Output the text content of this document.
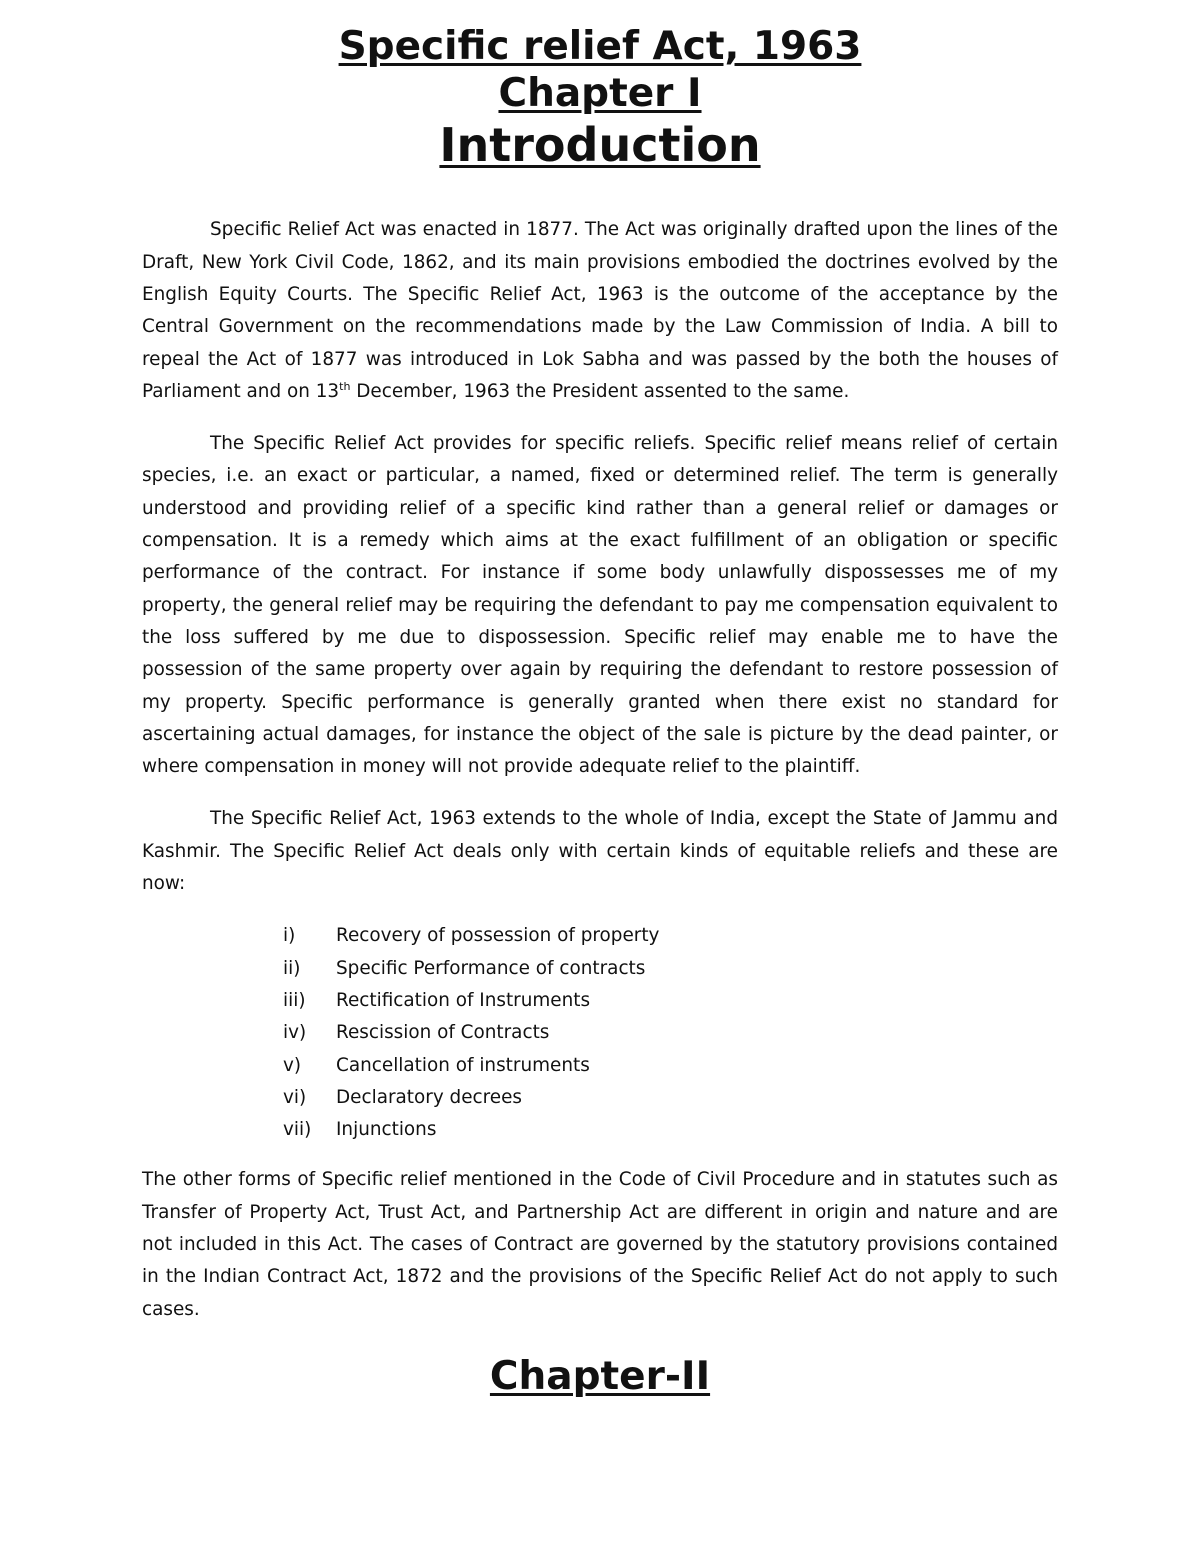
Specific relief Act, 1963
Chapter I
Introduction

Specific Relief Act was enacted in 1877. The Act was originally drafted upon the lines of the Draft, New York Civil Code, 1862, and its main provisions embodied the doctrines evolved by the English Equity Courts. The Specific Relief Act, 1963 is the outcome of the acceptance by the Central Government on the recommendations made by the Law Commission of India. A bill to repeal the Act of 1877 was introduced in Lok Sabha and was passed by the both the houses of Parliament and on 13th December, 1963 the President assented to the same.

The Specific Relief Act provides for specific reliefs. Specific relief means relief of certain species, i.e. an exact or particular, a named, fixed or determined relief. The term is generally understood and providing relief of a specific kind rather than a general relief or damages or compensation. It is a remedy which aims at the exact fulfillment of an obligation or specific performance of the contract. For instance if some body unlawfully dispossesses me of my property, the general relief may be requiring the defendant to pay me compensation equivalent to the loss suffered by me due to dispossession. Specific relief may enable me to have the possession of the same property over again by requiring the defendant to restore possession of my property. Specific performance is generally granted when there exist no standard for ascertaining actual damages, for instance the object of the sale is picture by the dead painter, or where compensation in money will not provide adequate relief to the plaintiff.

The Specific Relief Act, 1963 extends to the whole of India, except the State of Jammu and Kashmir. The Specific Relief Act deals only with certain kinds of equitable reliefs and these are now:

i)	Recovery of possession of property
ii)	Specific Performance of contracts
iii)	Rectification of Instruments
iv)	Rescission of Contracts
v)	Cancellation of instruments
vi)	Declaratory decrees
vii)	Injunctions

The other forms of Specific relief mentioned in the Code of Civil Procedure and in statutes such as Transfer of Property Act, Trust Act, and Partnership Act are different in origin and nature and are not included in this Act. The cases of Contract are governed by the statutory provisions contained in the Indian Contract Act, 1872 and the provisions of the Specific Relief Act do not apply to such cases.

Chapter-II
